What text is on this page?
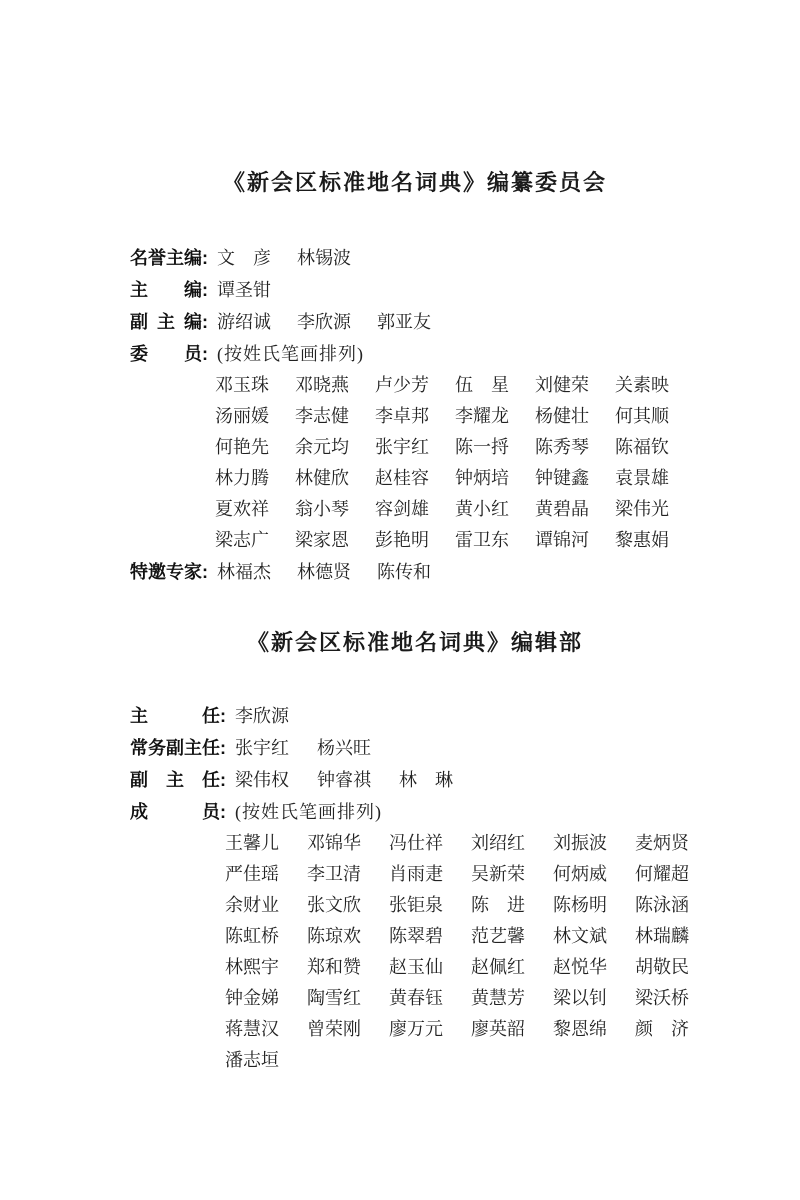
《新会区标准地名词典》编纂委员会
名誉主编: 文　彦 林锡波
主编: 谭圣钳
副主编: 游绍诚 李欣源 郭亚友
委员: (按姓氏笔画排列)
邓玉珠 邓晓燕 卢少芳 伍　星 刘健荣 关素映
汤丽媛 李志健 李卓邦 李耀龙 杨健壮 何其顺
何艳先 余元均 张宇红 陈一捋 陈秀琴 陈福钦
林力腾 林健欣 赵桂容 钟炳培 钟键鑫 袁景雄
夏欢祥 翁小琴 容剑雄 黄小红 黄碧晶 梁伟光
梁志广 梁家恩 彭艳明 雷卫东 谭锦河 黎惠娟
特邀专家: 林福杰 林德贤 陈传和
《新会区标准地名词典》编辑部
主任: 李欣源
常务副主任: 张宇红 杨兴旺
副主任: 梁伟权 钟睿祺 林　琳
成员: (按姓氏笔画排列)
王馨儿 邓锦华 冯仕祥 刘绍红 刘振波 麦炳贤
严佳瑶 李卫清 肖雨疌 吴新荣 何炳威 何耀超
余财业 张文欣 张钜泉 陈　进 陈杨明 陈泳涵
陈虹桥 陈琼欢 陈翠碧 范艺馨 林文斌 林瑞麟
林熙宇 郑和赞 赵玉仙 赵佩红 赵悦华 胡敬民
钟金娣 陶雪红 黄春钰 黄慧芳 梁以钊 梁沃桥
蒋慧汉 曾荣刚 廖万元 廖英韶 黎恩绵 颜　济
潘志垣
